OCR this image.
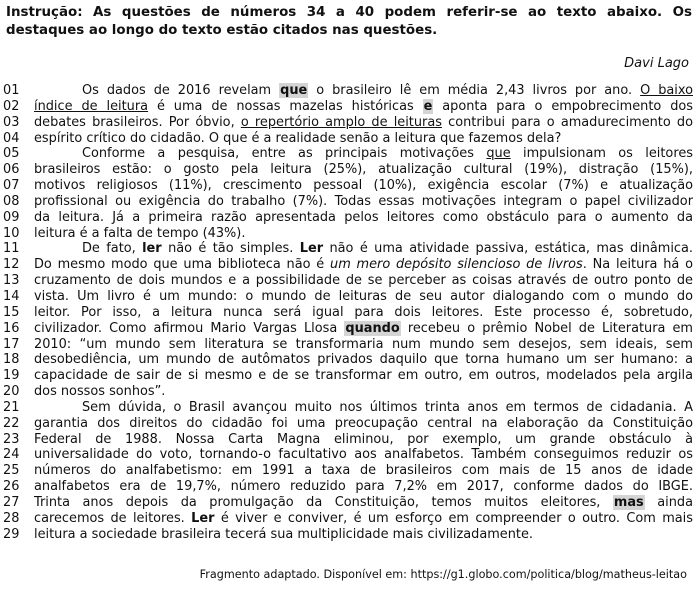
Instrução: As questões de números 34 a 40 podem referir-se ao texto abaixo. Os destaques ao longo do texto estão citados nas questões.
Davi Lago
01	Os dados de 2016 revelam que o brasileiro lê em média 2,43 livros por ano. O baixo
02	índice de leitura é uma de nossas mazelas históricas e aponta para o empobrecimento dos
03	debates brasileiros. Por óbvio, o repertório amplo de leituras contribui para o amadurecimento do
04	espírito crítico do cidadão. O que é a realidade senão a leitura que fazemos dela?
05	Conforme a pesquisa, entre as principais motivações que impulsionam os leitores
06	brasileiros estão: o gosto pela leitura (25%), atualização cultural (19%), distração (15%),
07	motivos religiosos (11%), crescimento pessoal (10%), exigência escolar (7%) e atualização
08	profissional ou exigência do trabalho (7%). Todas essas motivações integram o papel civilizador
09	da leitura. Já a primeira razão apresentada pelos leitores como obstáculo para o aumento da
10	leitura é a falta de tempo (43%).
11	De fato, ler não é tão simples. Ler não é uma atividade passiva, estática, mas dinâmica.
12	Do mesmo modo que uma biblioteca não é um mero depósito silencioso de livros. Na leitura há o
13	cruzamento de dois mundos e a possibilidade de se perceber as coisas através de outro ponto de
14	vista. Um livro é um mundo: o mundo de leituras de seu autor dialogando com o mundo do
15	leitor. Por isso, a leitura nunca será igual para dois leitores. Este processo é, sobretudo,
16	civilizador. Como afirmou Mario Vargas Llosa quando recebeu o prêmio Nobel de Literatura em
17	2010: “um mundo sem literatura se transformaria num mundo sem desejos, sem ideais, sem
18	desobediência, um mundo de autômatos privados daquilo que torna humano um ser humano: a
19	capacidade de sair de si mesmo e de se transformar em outro, em outros, modelados pela argila
20	dos nossos sonhos”.
21	Sem dúvida, o Brasil avançou muito nos últimos trinta anos em termos de cidadania. A
22	garantia dos direitos do cidadão foi uma preocupação central na elaboração da Constituição
23	Federal de 1988. Nossa Carta Magna eliminou, por exemplo, um grande obstáculo à
24	universalidade do voto, tornando-o facultativo aos analfabetos. Também conseguimos reduzir os
25	números do analfabetismo: em 1991 a taxa de brasileiros com mais de 15 anos de idade
26	analfabetos era de 19,7%, número reduzido para 7,2% em 2017, conforme dados do IBGE.
27	Trinta anos depois da promulgação da Constituição, temos muitos eleitores, mas ainda
28	carecemos de leitores. Ler é viver e conviver, é um esforço em compreender o outro. Com mais
29	leitura a sociedade brasileira tecerá sua multiplicidade mais civilizadamente.
Fragmento adaptado. Disponível em: https://g1.globo.com/politica/blog/matheus-leitao
